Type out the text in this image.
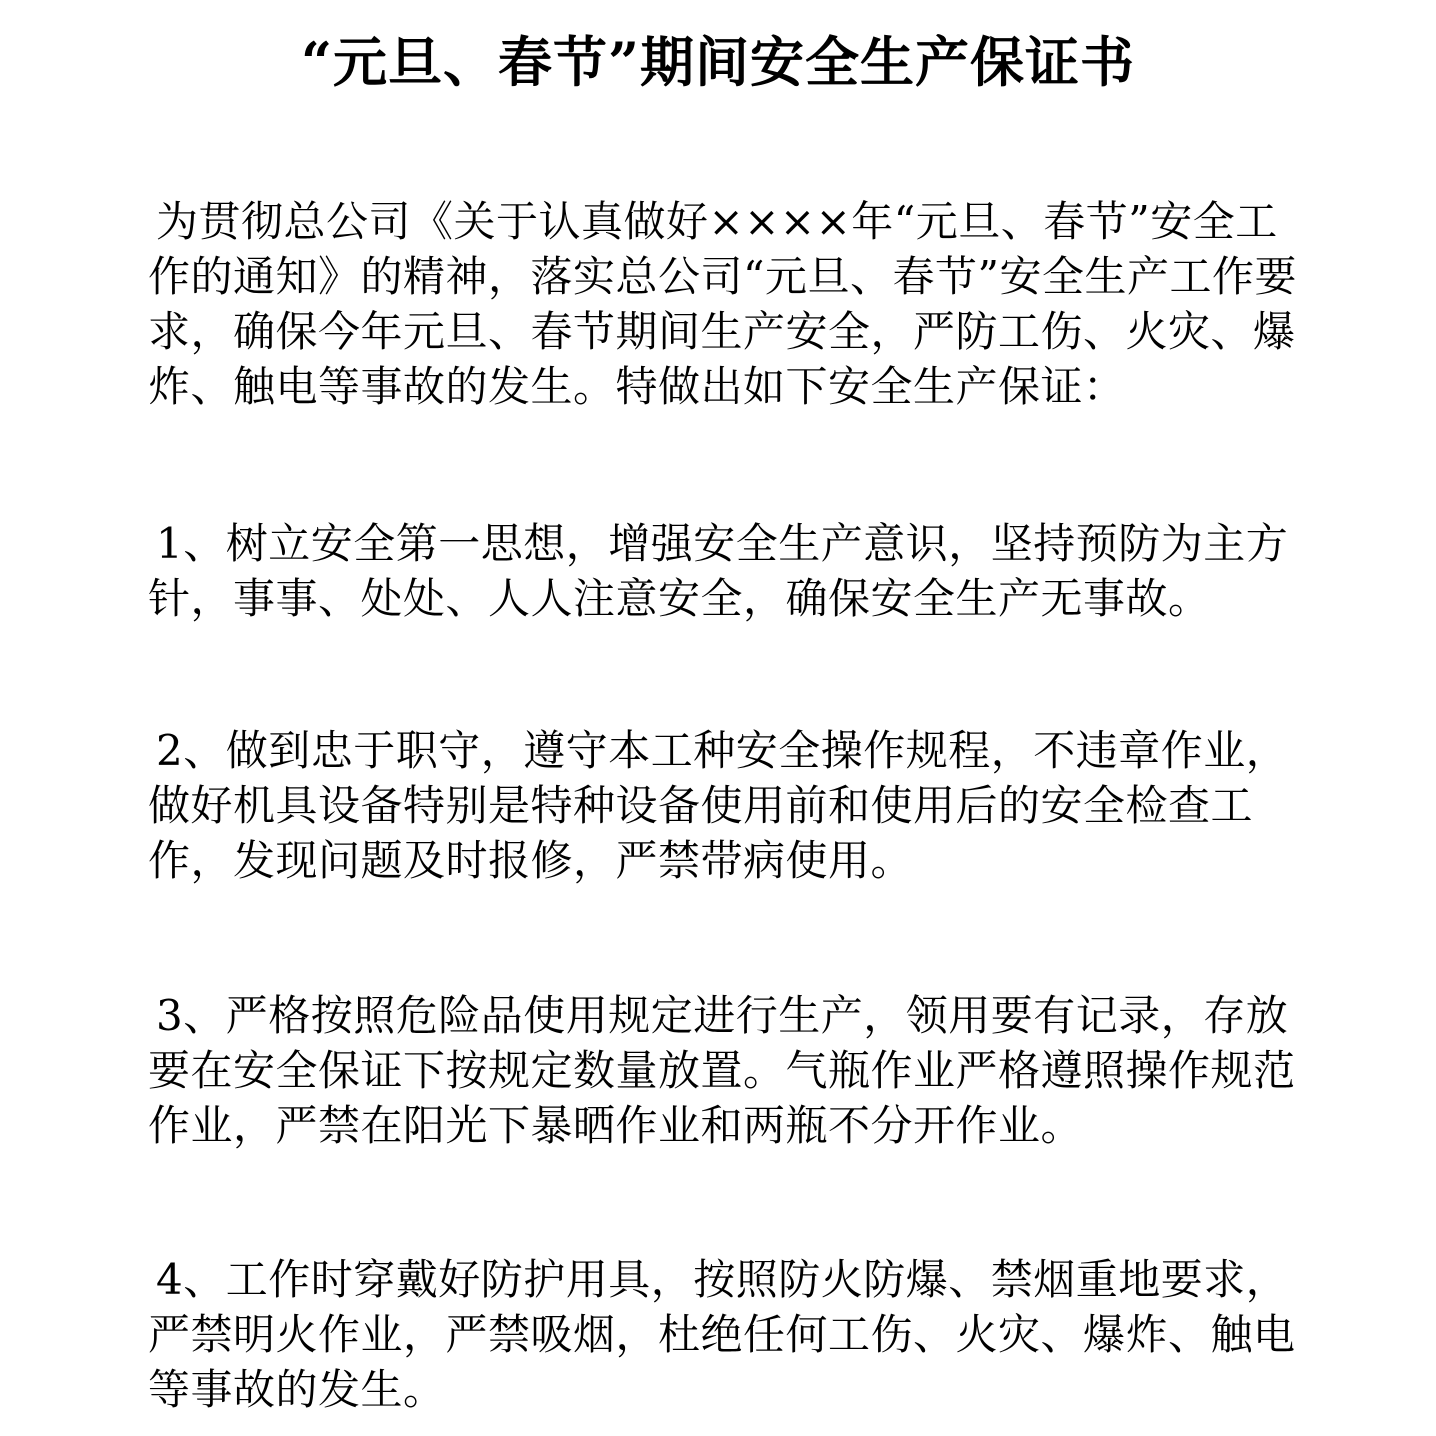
“元旦、春节”期间安全生产保证书
为贯彻总公司《关于认真做好××××年“元旦、春节”安全工作的通知》的精神，落实总公司“元旦、春节”安全生产工作要求，确保今年元旦、春节期间生产安全，严防工伤、火灾、爆炸、触电等事故的发生。特做出如下安全生产保证：
1、树立安全第一思想，增强安全生产意识，坚持预防为主方针，事事、处处、人人注意安全，确保安全生产无事故。
2、做到忠于职守，遵守本工种安全操作规程，不违章作业，做好机具设备特别是特种设备使用前和使用后的安全检查工作，发现问题及时报修，严禁带病使用。
3、严格按照危险品使用规定进行生产，领用要有记录，存放要在安全保证下按规定数量放置。气瓶作业严格遵照操作规范作业，严禁在阳光下暴晒作业和两瓶不分开作业。
4、工作时穿戴好防护用具，按照防火防爆、禁烟重地要求，严禁明火作业，严禁吸烟，杜绝任何工伤、火灾、爆炸、触电等事故的发生。
